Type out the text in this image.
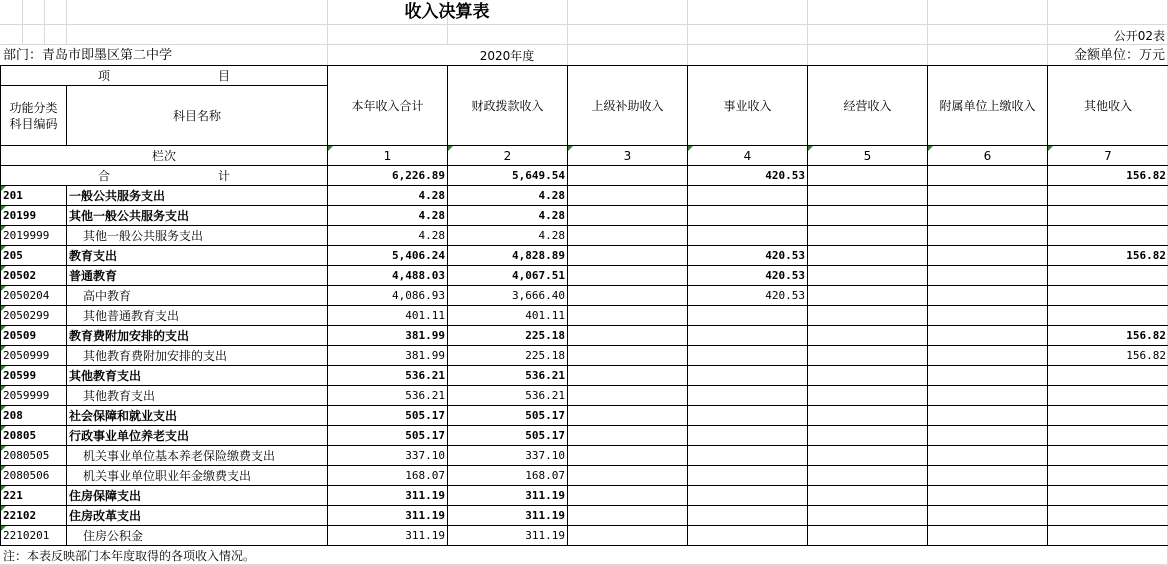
收入决算表
公开02表
部门：青岛市即墨区第二中学	2020年度	金额单位：万元
项 目		本年收入合计	财政拨款收入	上级补助收入	事业收入	经营收入	附属单位上缴收入	其他收入

功能分类
科目编码	科目名称							
栏次		1	2	3	4	5	6	7
合 计		6,226.89	5,649.54		420.53			156.82
201	一般公共服务支出	4.28	4.28					
20199	其他一般公共服务支出	4.28	4.28					
2019999	其他一般公共服务支出	4.28	4.28					
205	教育支出	5,406.24	4,828.89		420.53			156.82
20502	普通教育	4,488.03	4,067.51		420.53			
2050204	高中教育	4,086.93	3,666.40		420.53			
2050299	其他普通教育支出	401.11	401.11					
20509	教育费附加安排的支出	381.99	225.18					156.82
2050999	其他教育费附加安排的支出	381.99	225.18					156.82
20599	其他教育支出	536.21	536.21					
2059999	其他教育支出	536.21	536.21					
208	社会保障和就业支出	505.17	505.17					
20805	行政事业单位养老支出	505.17	505.17					
2080505	机关事业单位基本养老保险缴费支出	337.10	337.10					
2080506	机关事业单位职业年金缴费支出	168.07	168.07					
221	住房保障支出	311.19	311.19					
22102	住房改革支出	311.19	311.19					
2210201	住房公积金	311.19	311.19					
注：本表反映部门本年度取得的各项收入情况。
